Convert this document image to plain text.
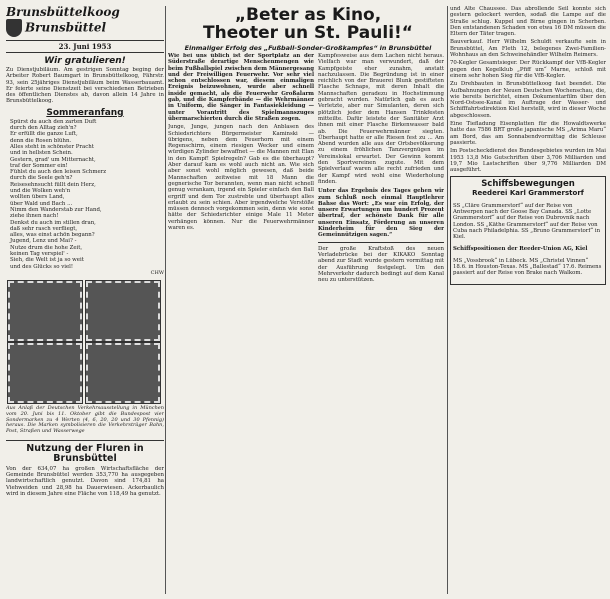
Brunsbüttelkoog
Brunsbüttel
23. Juni 1953
Wir gratulieren!

Zu Dienstjubiläum. Am gestrigen Sonntag beging der Arbeiter Robert Baumgart in Brunsbüttelkoog, Fährstr. 93, sein 25jähriges Dienstjubiläum beim Wasserbauamt. Er feierte seine Dienstzeit bei verschiedenen Betrieben des öffentlichen Dienstes ab, davon allein 14 Jahre in Brunsbüttelkoog.

Sommeranfang

Spürst du auch den zarten Duft
durch den Alltag zieh'n?
Er erfüllt die ganze Luft,
denn die Rosen blühn.
Alles steht in schönster Pracht
und in hellsten Schein.
Gestern, grad' um Mitternacht,
traf der Sommer ein!
Fühlst du auch den leisen Schmerz
durch die Seele geh'n?
Reisesehnsucht füllt dein Herz,
und die Wolken weh'n
wollten übers Land,
über Wald und Bach ...
Nimm den Wanderstab zur Hand,
ziehe ihnen nach!
Denkst du auch im stillen dran,
daß sehr rasch verfliegt,
alles, was einst achön begann?
Jugend, Lenz und Mai? -
Nutze drum die hohe Zeit,
keinen Tag verspiel' -
Sieh, die Welt ist ja so weit
und des Glücks so viel!

CHW

Aus Anlaß der Deutschen Verkehrsausstellung in München vom 20. Juni bis 11. Oktober gibt die Bundespost vier Sondermarken zu 4 Werten (4, 6, 20, 20 und 30 Pfennig) heraus. Die Marken symbolisieren die Verkehrsträger Bahn, Post, Straßen und Wasserwege

Nutzung der Fluren in Brunsbüttel

Von der 634,07 ha großen Wirtschaftsfläche der Gemeinde Brunsbüttel werden 353,770 ha ausgegeben landwirtschaftlich genutzt. Davon sind 174,81 ha Viehweiden und 28,98 ha Dauerwiesen. Ackerbaulich wird in diesem Jahre eine Fläche von 118,49 ha genutzt.

„Beter as Kino,
Theoter un St. Pauli!“
Einmaliger Erfolg des „Fußball-Sonder-Großkampfes“ in Brunsbüttel

Wie bei uns üblich ist der Sportplatz an der Süderstraße derartige Menschenmengen wie beim Fußballspiel zwischen dem Männergesang und der Freiwilligen Feuerwehr. Vor sehr viel schon entschlossen war, diesem einmaligen Ereignis beizuwohnen, wurde aber schnell inside gemacht, als die Feuerwehr Großalarm gab, und die Kampferbände — die Wehrmänner in Uniform, die Sänger in Fantasiekleidung — unter Vorantritt des Spielmannszuges übermarschierten durch die Straßen zogen.

Junge, Junge, jungen nach den Anblasen des Schiedsrichters Bürgermeister Kaminski — übrigens, neben dem Feuerhorn mit einem Regenschirm, einem riesigen Wecker und einem würdigen Zylinder bewaffnet — die Mannen mit Elan in den Kampf! Spielregeln? Gab es die überhaupt? Aber darauf kam es wohl auch nicht an. Wie sich aber sonst wohl möglich gewesen, daß beide Mannschaften zeitweise mit 18 Mann die gegnerische Tor berannten, wenn man nicht schnell genug verankam, irgend ein Spieler einfach den Ball ergriff und dem Tor zustrebte und überhaupt alles erlaubt zu sein schien. Aber irgendwelche Verstöße müssen dennoch vorgekommen sein, denn wie sonst hätte der Schiedsrichter einige Male 11 Meter verhängen können. Nur die Feuerwehrmänner waren es.

Kampfesweise aus dem Lachen nicht heraus. Vielfach war man verwundert, daß der Kampfgeiste eher zunahm, anstatt nachzulassen. Die Begründung ist in einer reichlich von der Brauerei Blunk gestifteten Flasche Schnaps, mit deren Inhalt die Mannschaften geradezu in Hochstimmung gebracht wurden. Natürlich gab es auch Verletzte, aber nur Simulanten, deren sich plötzlich jeder dem Hansen Trinkfesten mitteilte. Dafür leistete der Sanitäter Arzt ihnen mit einer Flasche Birkenwasser bald ab. Die Feuerwehrmänner siegten. Überhaupt hatte er alle Riesen fest zu ... Am Abend wurden alle aus der Ortsbevölkerung zu einem fröhlichen Tanzvergnügen im Vereinslokal erwartet. Der Gewinn kommt den Sportvereinen zugute. Mit dem Spielverlauf waren alle recht zufrieden und der Kampf wird wohl eine Wiederholung finden.

Unter das Ergebnis des Tages gehen wir zum Schluß noch einmal Hauptlehrer Bahse das Wort: „Es war ein Erfolg, der unsere Erwartungen um hundert Prozent übertraf, der schönste Dank für alle unseren Einsatz, Förderung an unseren Kinderheim für den Sieg der Gemeinnützigen sagen.“

Der große Kraftstoß des neuen Verladebrücke bei der KIKAKO Sonntag abend zur Stadt wurde gestern vormittag mit der Ausführung festgelegt. Um den Mehrverkehr dadurch bedingt auf dem Kanal neu zu unterstützen.

und Alte Chaussee. Das abrollende Seil konnte sich gestern gelockert werden, sodaß die Lampe auf die Straße schlug. Kuppel und Birne gingen in Scherben. Den entstandenen Schaden von etwa 16 DM müssen die Eltern der Täter tragen.

Bauverkauf. Herr Wilhelm Schuldt verkaufte sein in Brunsbüttel, Am Fleth 12, belegenes Zwei-Familien-Wohnhaus an den Schweinehändler Wilhelm Reimers.

70-Kegler Gesamtsieger. Der Rückkampf der VfB-Kegler gegen den Kegelklub „Pfiff um“ Marne, schloß mit einem sehr hohen Sieg für die VfB-Kegler.

Zu Drehbauten in Brunsbüttelkoog fast beendet. Die Aufbahnungen der Neuen Deutschen Wochenschau, die, wie bereits berichtet, einen Dokumentarfilm über den Nord-Ostsee-Kanal im Auftrage der Wasser- und Schifffahrtsdirektion Kiel herstellt, wird in dieser Woche abgeschlossen.

Eine Tiefladung Eisenplatten für die Howaldtswerke hatte das 7586 BRT große japanische MS „Arima Maru“ am Bord, das am Sonnabendvormittag die Schleuse passierte.

Im Postscheckdienst des Bundesgebietes wurden im Mai 1953 13,8 Mio Gutschriften über 3,706 Milliarden und 19,7 Mio Lastschriften über 9,776 Milliarden DM ausgeführt.

Schiffsbewegungen
Reederei Karl Grammerstorf

SS „Cläre Grammerstorf“ auf der Reise von Antwerpen nach der Goose Bay Canada. SS „Lotte Grammerstorf“ auf der Reise von Dubrovnik nach London. SS „Käthe Grammerstorf“ auf der Reise von Cuba nach Philadelphia. SS „Bruno Grammerstorf“ in Kiel.

Schiffspositionen der Reeder-Union AG, Kiel

MS „Vossbrook“ in Lübeck. MS „Christel Vinnen“ 18.6. in Houston-Texas. MS „Ballestad“ 17.6. Reimens passiert auf der Reise von Brake nach Walkom.
